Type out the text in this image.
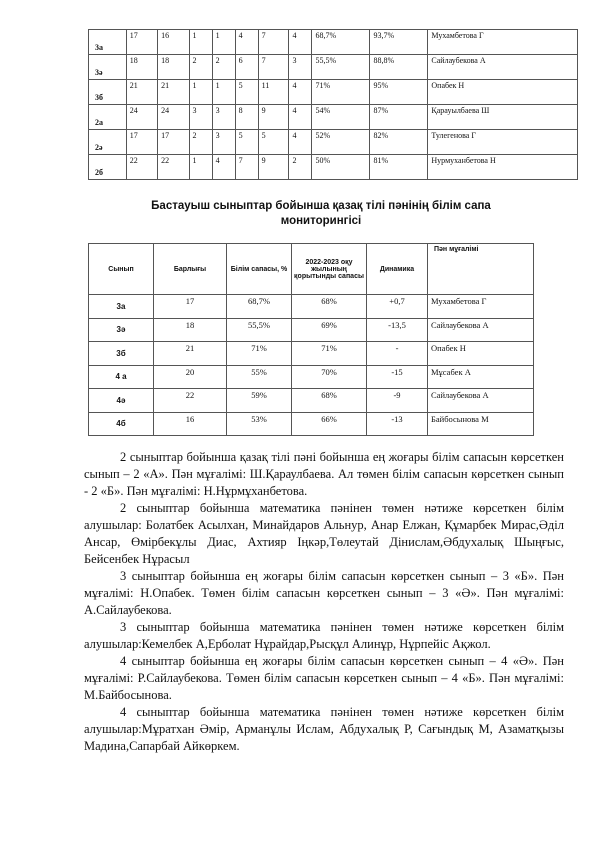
3а	17	16	1	1	4	7	4	68,7%	93,7%	Мухамбетова Г
3ә	18	18	2	2	6	7	3	55,5%	88,8%	Сайлаубекова А
3б	21	21	1	1	5	11	4	71%	95%	Опабек Н
2а	24	24	3	3	8	9	4	54%	87%	Қарауылбаева Ш
2ә	17	17	2	3	5	5	4	52%	82%	Тулегенова Г
2б	22	22	1	4	7	9	2	50%	81%	Нурмуханбетова Н
Бастауыш сыныптар бойынша қазақ тілі пәнінің білім сапа мониторингісі
Сынып	Барлығы	Білім сапасы, %	2022-2023 оқу жылының қорытынды сапасы	Динамика	Пән мұғалімі
3а	17	68,7%	68%	+0,7	Мухамбетова Г
3ә	18	55,5%	69%	-13,5	Сайлаубекова А
3б	21	71%	71%	-	Опабек Н
4 а	20	55%	70%	-15	Мұсабек А
4ә	22	59%	68%	-9	Сайлаубекова А
4б	16	53%	66%	-13	Байбосынова М

2 сыныптар бойынша қазақ тілі пәні бойынша ең жоғары білім сапасын көрсеткен сынып – 2 «А». Пән мұғалімі: Ш.Қараулбаева. Ал төмен білім сапасын көрсеткен сынып - 2 «Б». Пән мұғалімі: Н.Нұрмұханбетова.

2 сыныптар бойынша математика пәнінен төмен нәтиже көрсеткен білім алушылар: Болатбек Асылхан, Минайдаров Альнур, Анар Елжан, Құмарбек Мирас,Әділ Ансар, Өмірбекұлы Диас, Ахтияр Іңкәр,Төлеутай Дінислам,Әбдухалық Шыңғыс, Бейсенбек Нұрасыл

3 сыныптар бойынша ең жоғары білім сапасын көрсеткен сынып – 3 «Б». Пән мұғалімі: Н.Опабек. Төмен білім сапасын көрсеткен сынып – 3 «Ә». Пән мұғалімі: А.Сайлаубекова.

3 сыныптар бойынша математика пәнінен төмен нәтиже көрсеткен білім алушылар:Кемелбек А,Ерболат Нұрайдар,Рысқұл Алинұр, Нұрпейіс Ақжол.

4 сыныптар бойынша ең жоғары білім сапасын көрсеткен сынып – 4 «Ә». Пән мұғалімі: Р.Сайлаубекова. Төмен білім сапасын көрсеткен сынып – 4 «Б». Пән мұғалімі: М.Байбосынова.

4 сыныптар бойынша математика пәнінен төмен нәтиже көрсеткен білім алушылар:Мұратхан Әмір, Арманұлы Ислам, Абдухалық Р, Сағындық М, Азаматқызы Мадина,Сапарбай Айкөркем.
